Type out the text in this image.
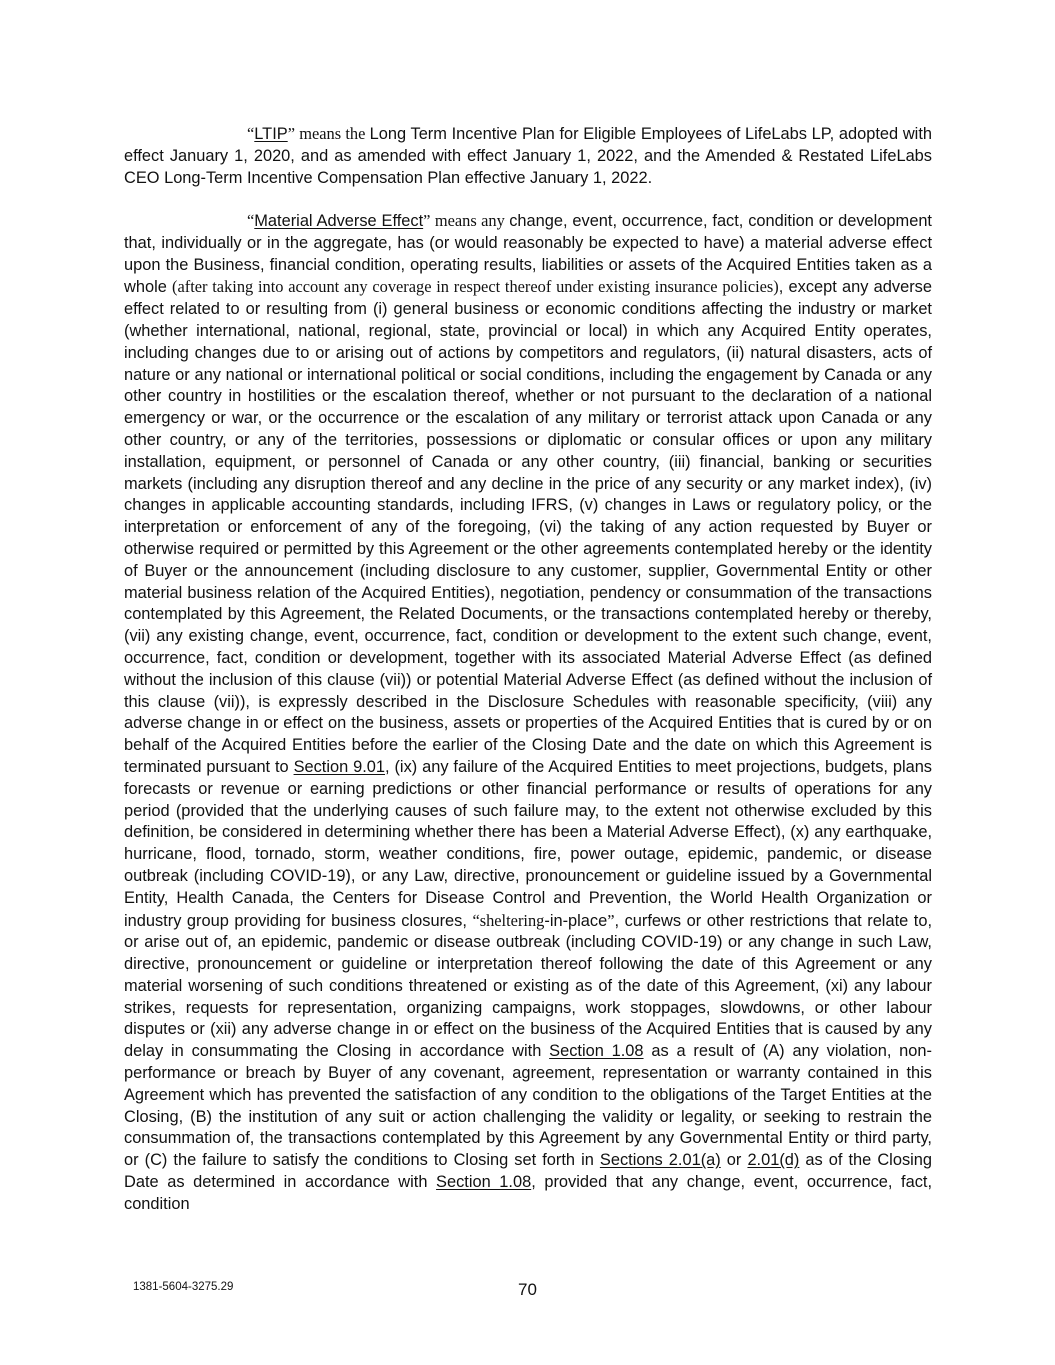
“LTIP” means the Long Term Incentive Plan for Eligible Employees of LifeLabs LP, adopted with effect January 1, 2020, and as amended with effect January 1, 2022, and the Amended & Restated LifeLabs CEO Long-Term Incentive Compensation Plan effective January 1, 2022.

“Material Adverse Effect” means any change, event, occurrence, fact, condition or development that, individually or in the aggregate, has (or would reasonably be expected to have) a material adverse effect upon the Business, financial condition, operating results, liabilities or assets of the Acquired Entities taken as a whole (after taking into account any coverage in respect thereof under existing insurance policies), except any adverse effect related to or resulting from (i) general business or economic conditions affecting the industry or market (whether international, national, regional, state, provincial or local) in which any Acquired Entity operates, including changes due to or arising out of actions by competitors and regulators, (ii) natural disasters, acts of nature or any national or international political or social conditions, including the engagement by Canada or any other country in hostilities or the escalation thereof, whether or not pursuant to the declaration of a national emergency or war, or the occurrence or the escalation of any military or terrorist attack upon Canada or any other country, or any of the territories, possessions or diplomatic or consular offices or upon any military installation, equipment, or personnel of Canada or any other country, (iii) financial, banking or securities markets (including any disruption thereof and any decline in the price of any security or any market index), (iv) changes in applicable accounting standards, including IFRS, (v) changes in Laws or regulatory policy, or the interpretation or enforcement of any of the foregoing, (vi) the taking of any action requested by Buyer or otherwise required or permitted by this Agreement or the other agreements contemplated hereby or the identity of Buyer or the announcement (including disclosure to any customer, supplier, Governmental Entity or other material business relation of the Acquired Entities), negotiation, pendency or consummation of the transactions contemplated by this Agreement, the Related Documents, or the transactions contemplated hereby or thereby, (vii) any existing change, event, occurrence, fact, condition or development to the extent such change, event, occurrence, fact, condition or development, together with its associated Material Adverse Effect (as defined without the inclusion of this clause (vii)) or potential Material Adverse Effect (as defined without the inclusion of this clause (vii)), is expressly described in the Disclosure Schedules with reasonable specificity, (viii) any adverse change in or effect on the business, assets or properties of the Acquired Entities that is cured by or on behalf of the Acquired Entities before the earlier of the Closing Date and the date on which this Agreement is terminated pursuant to Section 9.01, (ix) any failure of the Acquired Entities to meet projections, budgets, plans forecasts or revenue or earning predictions or other financial performance or results of operations for any period (provided that the underlying causes of such failure may, to the extent not otherwise excluded by this definition, be considered in determining whether there has been a Material Adverse Effect), (x) any earthquake, hurricane, flood, tornado, storm, weather conditions, fire, power outage, epidemic, pandemic, or disease outbreak (including COVID-19), or any Law, directive, pronouncement or guideline issued by a Governmental Entity, Health Canada, the Centers for Disease Control and Prevention, the World Health Organization or industry group providing for business closures, “sheltering-in-place”, curfews or other restrictions that relate to, or arise out of, an epidemic, pandemic or disease outbreak (including COVID-19) or any change in such Law, directive, pronouncement or guideline or interpretation thereof following the date of this Agreement or any material worsening of such conditions threatened or existing as of the date of this Agreement, (xi) any labour strikes, requests for representation, organizing campaigns, work stoppages, slowdowns, or other labour disputes or (xii) any adverse change in or effect on the business of the Acquired Entities that is caused by any delay in consummating the Closing in accordance with Section 1.08 as a result of (A) any violation, non-performance or breach by Buyer of any covenant, agreement, representation or warranty contained in this Agreement which has prevented the satisfaction of any condition to the obligations of the Target Entities at the Closing, (B) the institution of any suit or action challenging the validity or legality, or seeking to restrain the consummation of, the transactions contemplated by this Agreement by any Governmental Entity or third party, or (C) the failure to satisfy the conditions to Closing set forth in Sections 2.01(a) or 2.01(d) as of the Closing Date as determined in accordance with Section 1.08, provided that any change, event, occurrence, fact, condition

1381-5604-3275.29	70
